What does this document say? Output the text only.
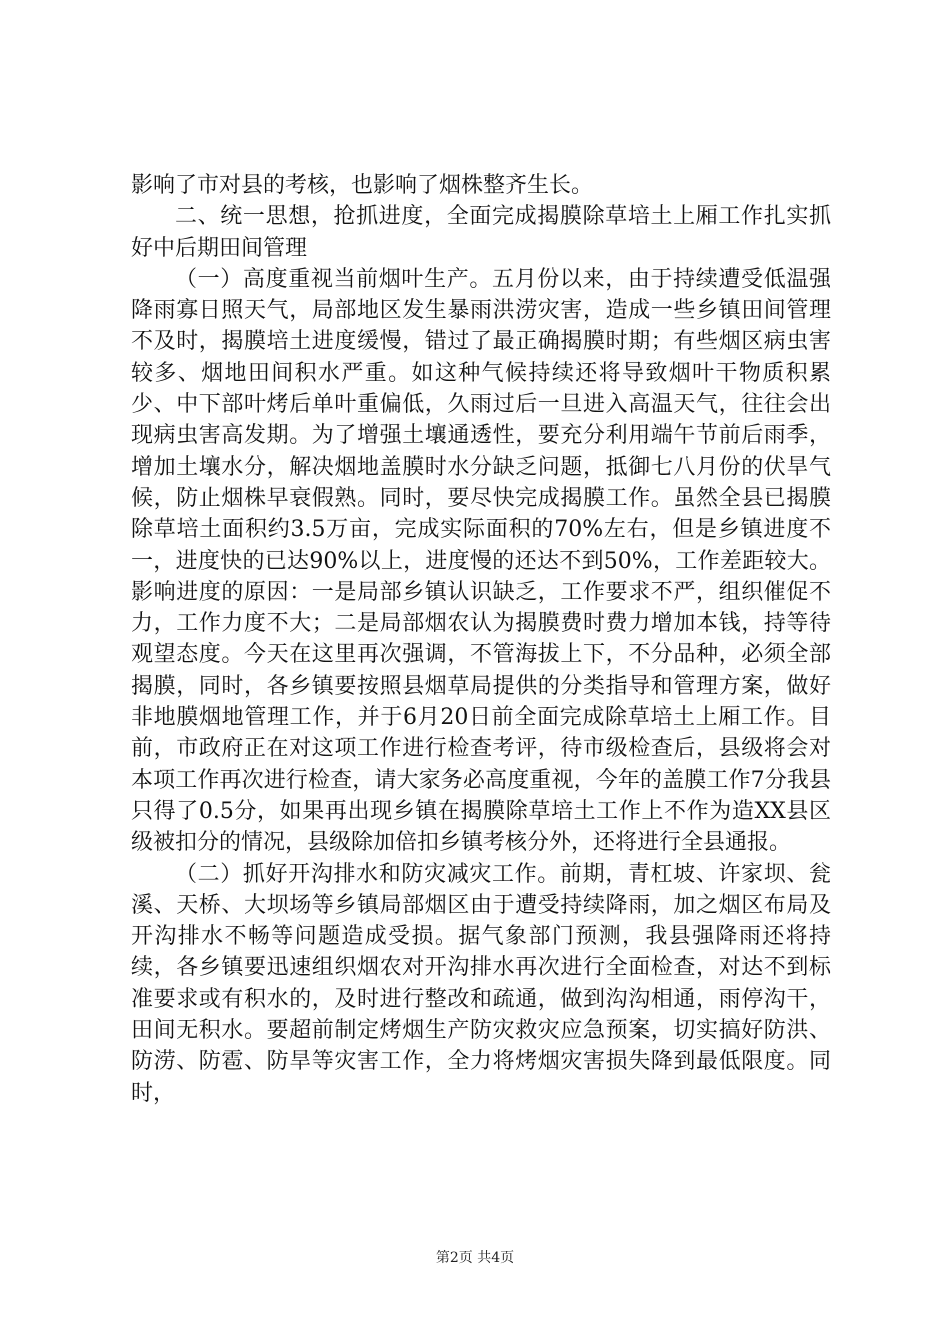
影响了市对县的考核，也影响了烟株整齐生长。

二、统一思想，抢抓进度，全面完成揭膜除草培土上厢工作扎实抓好中后期田间管理

（一）高度重视当前烟叶生产。五月份以来，由于持续遭受低温强降雨寡日照天气，局部地区发生暴雨洪涝灾害，造成一些乡镇田间管理不及时，揭膜培土进度缓慢，错过了最正确揭膜时期；有些烟区病虫害较多、烟地田间积水严重。如这种气候持续还将导致烟叶干物质积累少、中下部叶烤后单叶重偏低，久雨过后一旦进入高温天气，往往会出现病虫害高发期。为了增强土壤通透性，要充分利用端午节前后雨季，增加土壤水分，解决烟地盖膜时水分缺乏问题，抵御七八月份的伏旱气候，防止烟株早衰假熟。同时，要尽快完成揭膜工作。虽然全县已揭膜除草培土面积约3.5万亩，完成实际面积的70%左右，但是乡镇进度不一，进度快的已达90%以上，进度慢的还达不到50%，工作差距较大。影响进度的原因：一是局部乡镇认识缺乏，工作要求不严，组织催促不力，工作力度不大；二是局部烟农认为揭膜费时费力增加本钱，持等待观望态度。今天在这里再次强调，不管海拔上下，不分品种，必须全部揭膜，同时，各乡镇要按照县烟草局提供的分类指导和管理方案，做好非地膜烟地管理工作，并于6月20日前全面完成除草培土上厢工作。目前，市政府正在对这项工作进行检查考评，待市级检查后，县级将会对本项工作再次进行检查，请大家务必高度重视，今年的盖膜工作7分我县只得了0.5分，如果再出现乡镇在揭膜除草培土工作上不作为造XX县区级被扣分的情况，县级除加倍扣乡镇考核分外，还将进行全县通报。

（二）抓好开沟排水和防灾减灾工作。前期，青杠坡、许家坝、瓮溪、天桥、大坝场等乡镇局部烟区由于遭受持续降雨，加之烟区布局及开沟排水不畅等问题造成受损。据气象部门预测，我县强降雨还将持续，各乡镇要迅速组织烟农对开沟排水再次进行全面检查，对达不到标准要求或有积水的，及时进行整改和疏通，做到沟沟相通，雨停沟干，田间无积水。要超前制定烤烟生产防灾救灾应急预案，切实搞好防洪、防涝、防雹、防旱等灾害工作，全力将烤烟灾害损失降到最低限度。同时，

第2页 共4页
